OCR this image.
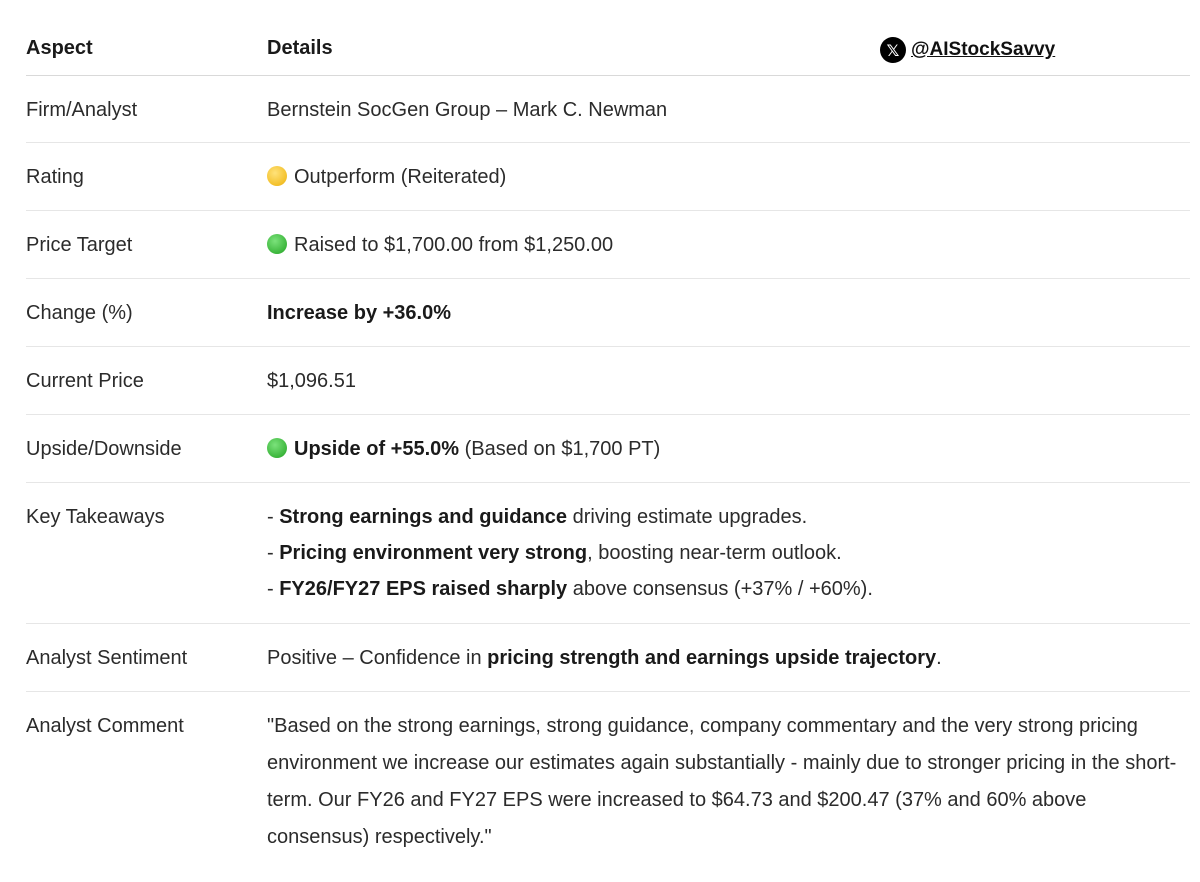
Aspect	Details	𝕏 @AIStockSavvy
Firm/Analyst	Bernstein SocGen Group – Mark C. Newman
Rating	Outperform (Reiterated)
Price Target	Raised to $1,700.00 from $1,250.00
Change (%)	Increase by +36.0%
Current Price	$1,096.51
Upside/Downside	Upside of +55.0% (Based on $1,700 PT)
Key Takeaways	- Strong earnings and guidance driving estimate upgrades.
- Pricing environment very strong, boosting near-term outlook.
- FY26/FY27 EPS raised sharply above consensus (+37% / +60%).
Analyst Sentiment	Positive – Confidence in pricing strength and earnings upside trajectory.
Analyst Comment	"Based on the strong earnings, strong guidance, company commentary and the very strong pricing environment we increase our estimates again substantially - mainly due to stronger pricing in the short-term. Our FY26 and FY27 EPS were increased to $64.73 and $200.47 (37% and 60% above consensus) respectively."
